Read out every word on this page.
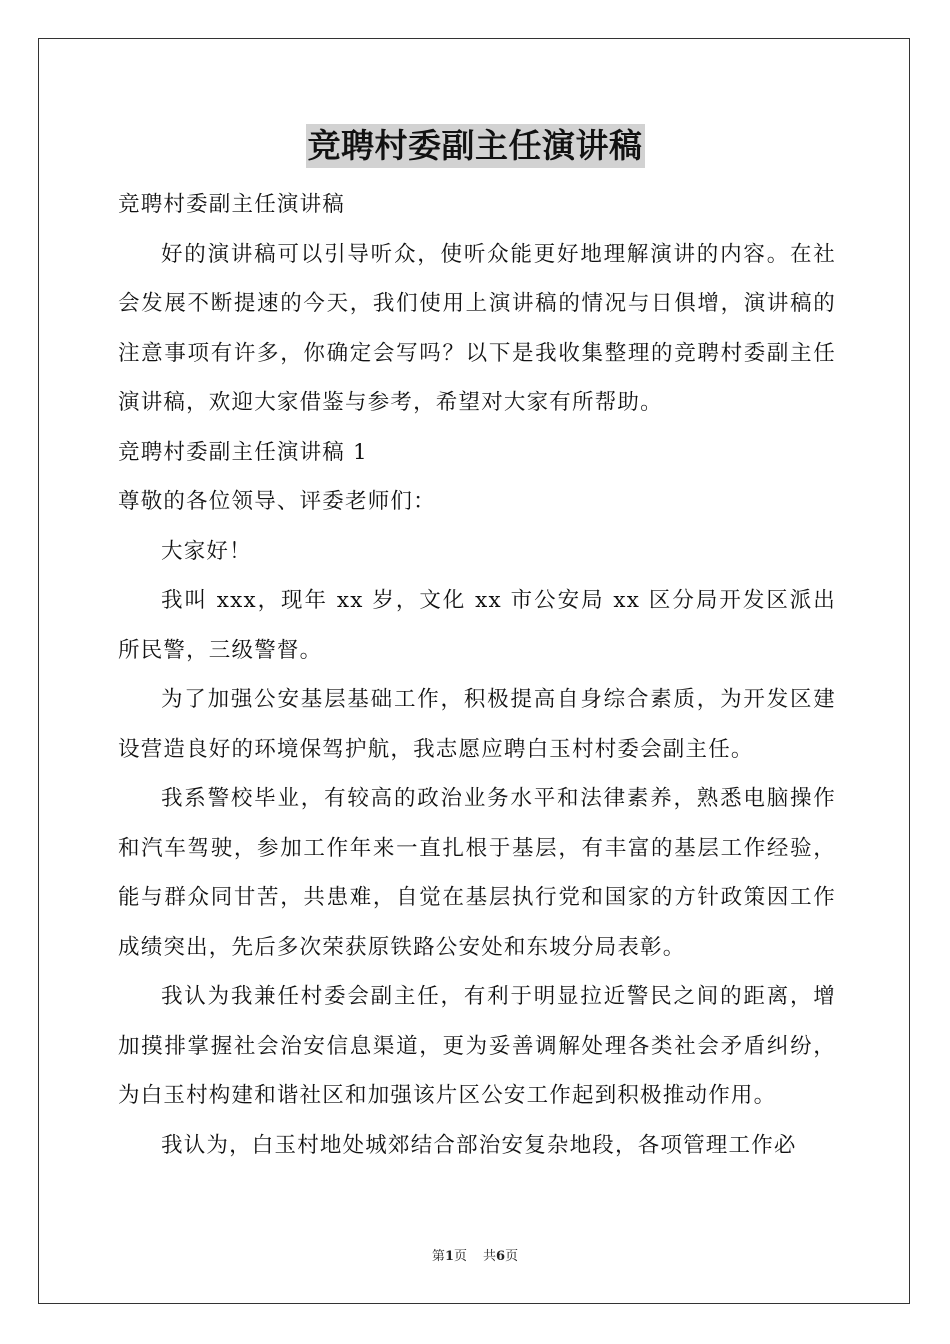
竞聘村委副主任演讲稿

竞聘村委副主任演讲稿

好的演讲稿可以引导听众，使听众能更好地理解演讲的内容。在社会发展不断提速的今天，我们使用上演讲稿的情况与日俱增，演讲稿的注意事项有许多，你确定会写吗？以下是我收集整理的竞聘村委副主任演讲稿，欢迎大家借鉴与参考，希望对大家有所帮助。

竞聘村委副主任演讲稿 1

尊敬的各位领导、评委老师们：

大家好！

我叫 xxx，现年 xx 岁，文化 xx 市公安局 xx 区分局开发区派出所民警，三级警督。

为了加强公安基层基础工作，积极提高自身综合素质，为开发区建设营造良好的环境保驾护航，我志愿应聘白玉村村委会副主任。

我系警校毕业，有较高的政治业务水平和法律素养，熟悉电脑操作和汽车驾驶，参加工作年来一直扎根于基层，有丰富的基层工作经验，能与群众同甘苦，共患难，自觉在基层执行党和国家的方针政策因工作成绩突出，先后多次荣获原铁路公安处和东坡分局表彰。

我认为我兼任村委会副主任，有利于明显拉近警民之间的距离，增加摸排掌握社会治安信息渠道，更为妥善调解处理各类社会矛盾纠纷，为白玉村构建和谐社区和加强该片区公安工作起到积极推动作用。

我认为，白玉村地处城郊结合部治安复杂地段，各项管理工作必

第1页 共6页
